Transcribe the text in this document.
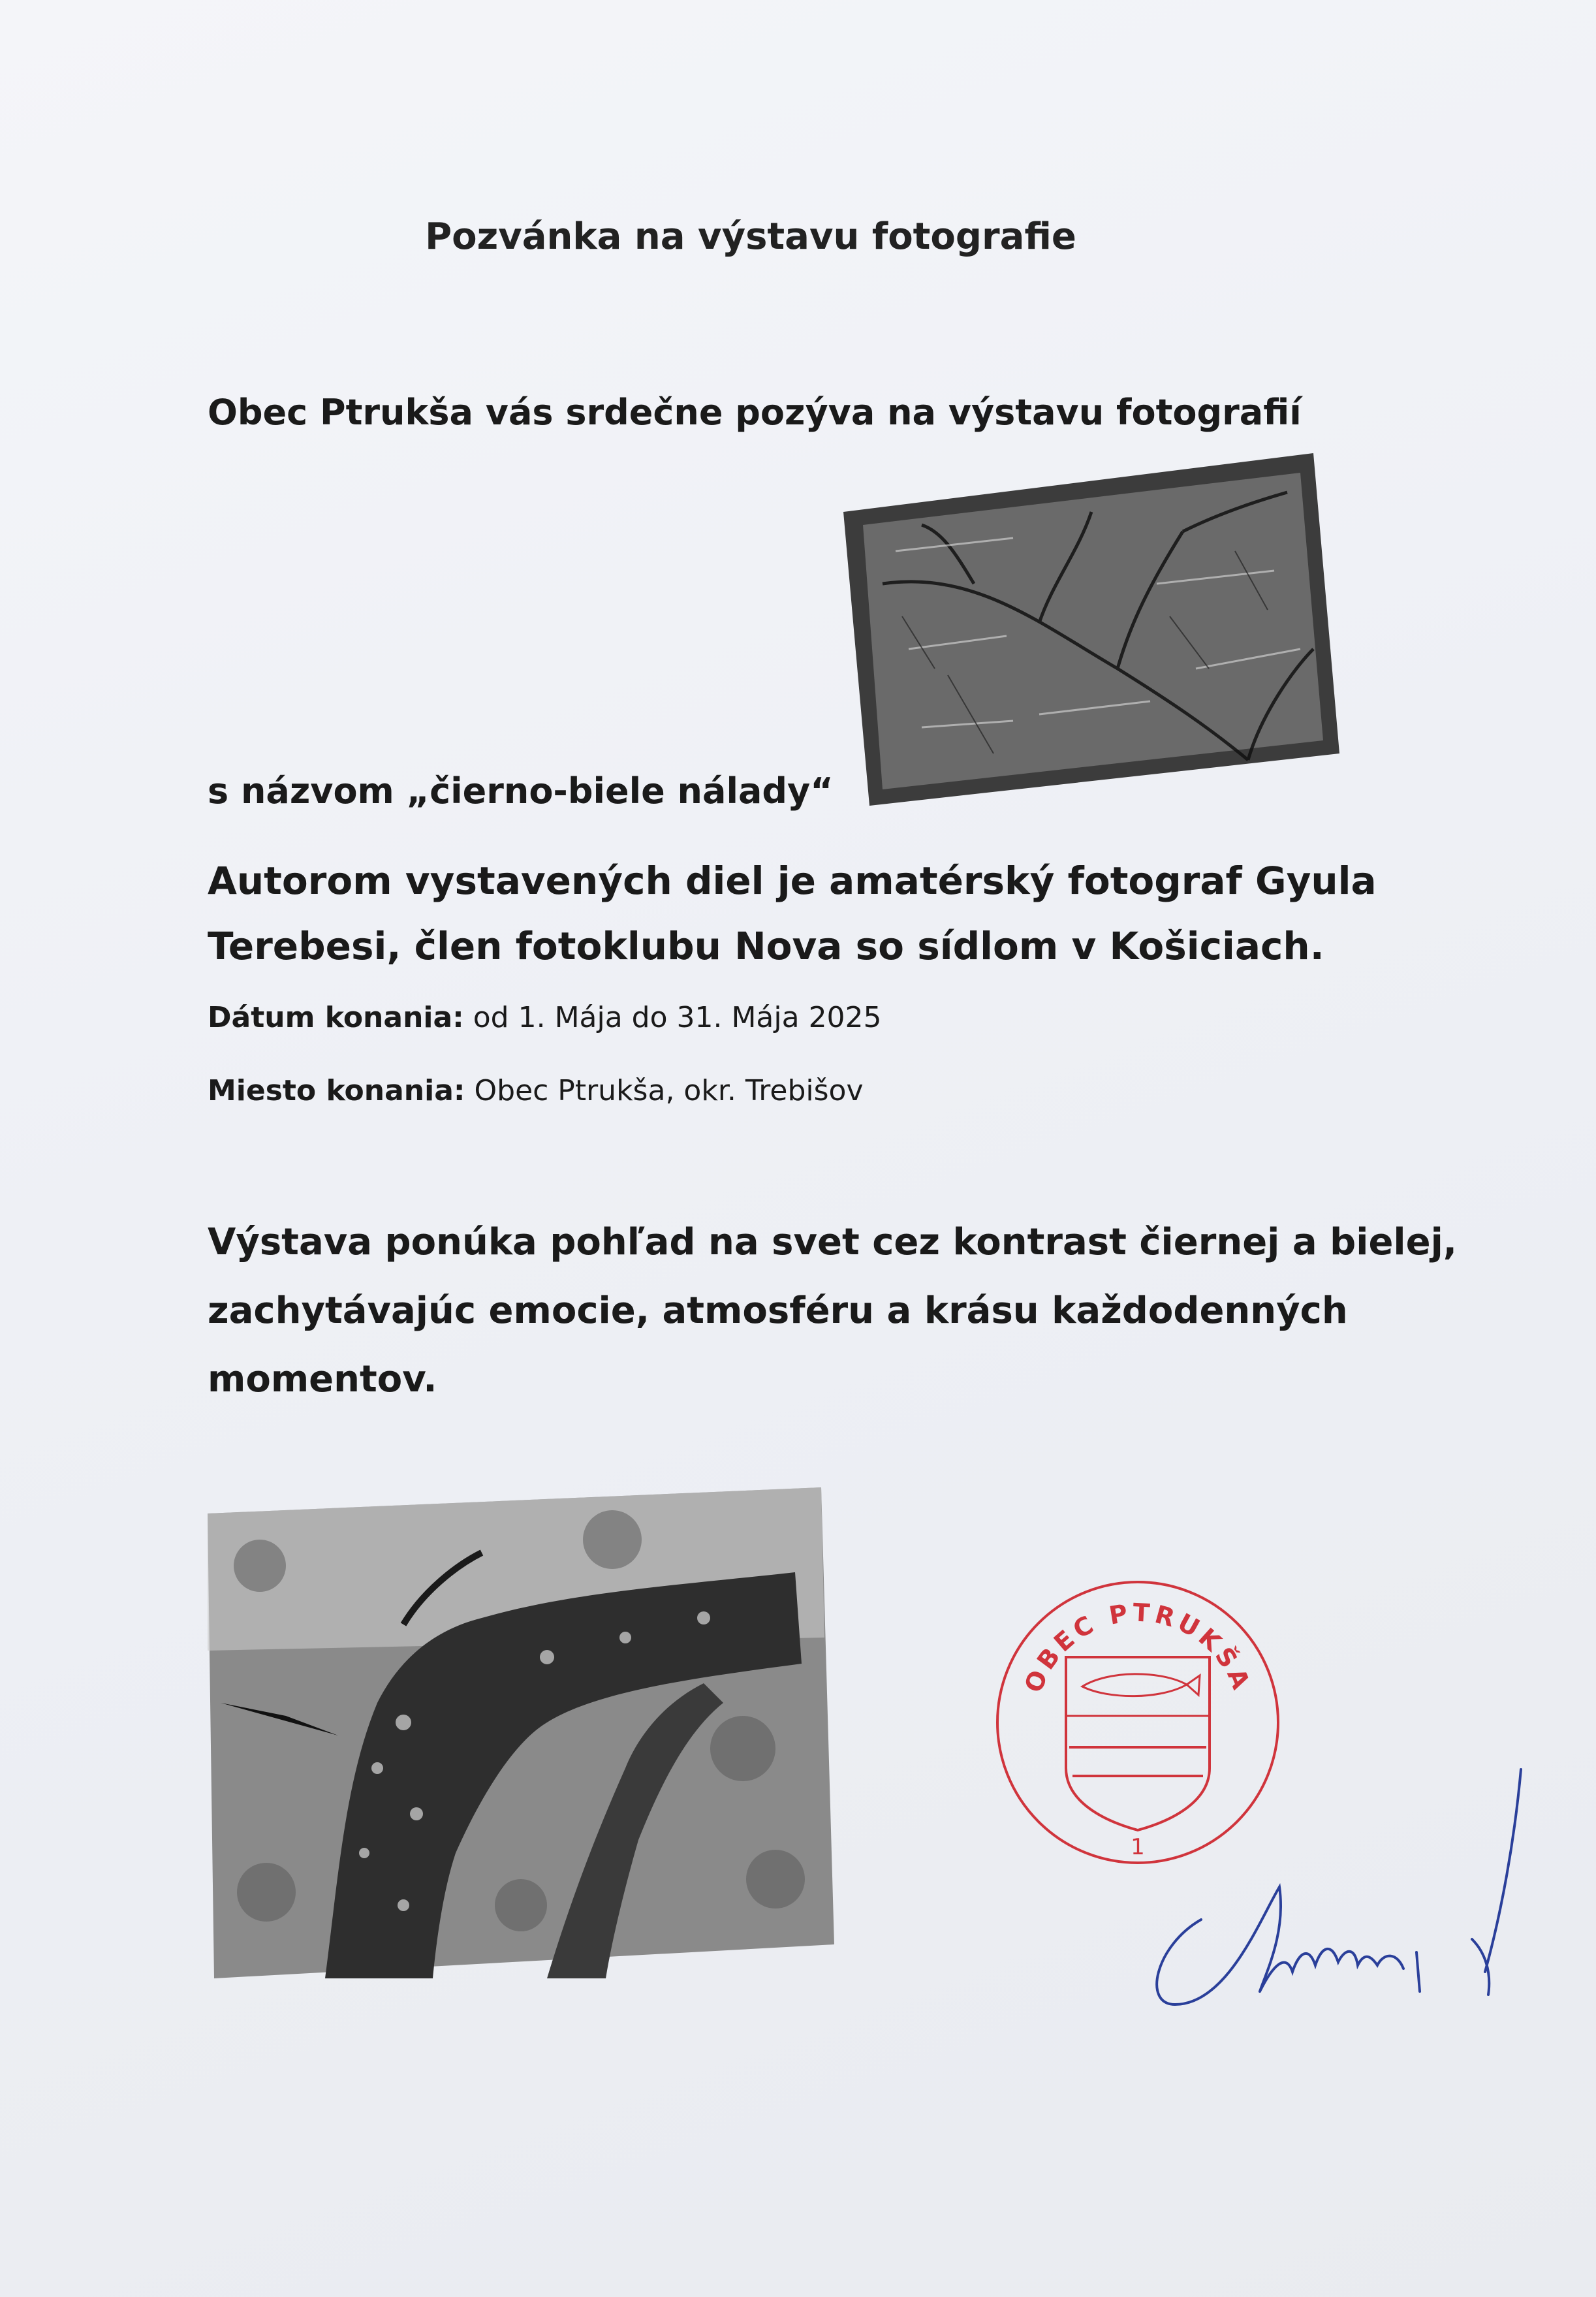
Pozvánka na výstavu fotografie

Obec Ptrukša vás srdečne pozýva na výstavu fotografií

s názvom „čierno-biele nálady“

Autorom vystavených diel je amatérský fotograf Gyula

Terebesi, člen fotoklubu Nova so sídlom v Košiciach.

Dátum konania: od 1. Mája do 31. Mája 2025

Miesto konania: Obec Ptrukša, okr. Trebišov

Výstava ponúka pohľad na svet cez kontrast čiernej a bielej,

zachytávajúc emocie, atmosféru a krásu každodenných

momentov.

OBEC PTRUKŠA
1
